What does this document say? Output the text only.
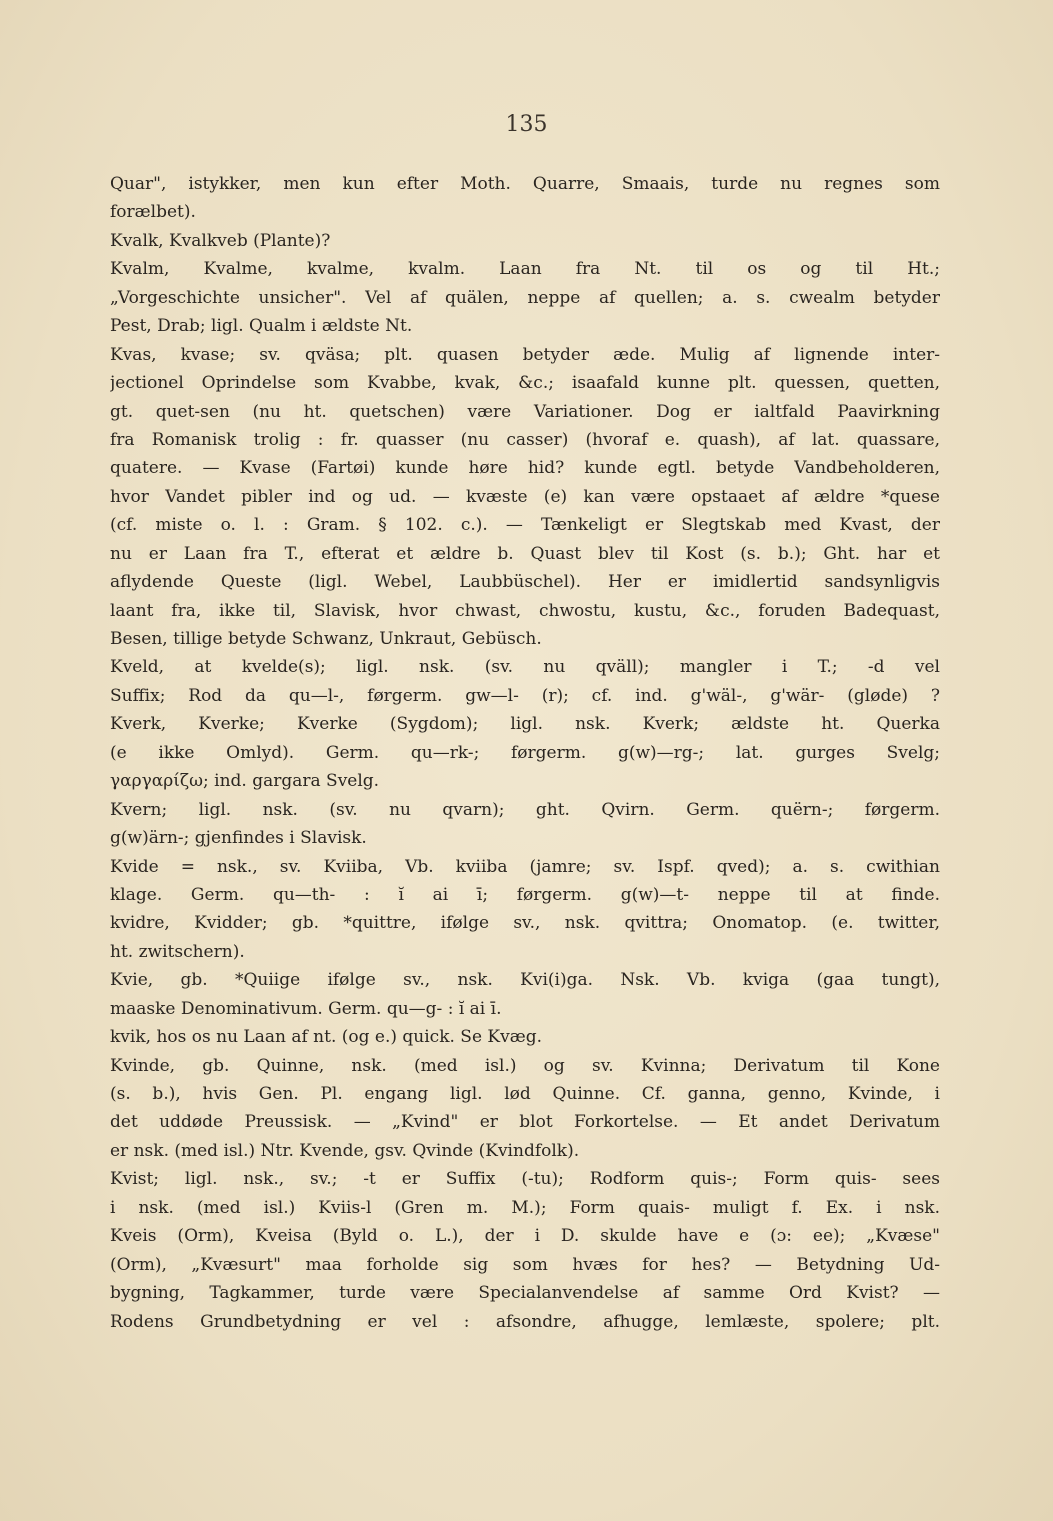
135
Quar", istykker, men kun efter Moth. Quarre, Smaais, turde nu regnes som
forælbet).
Kvalk, Kvalkveb (Plante)?
Kvalm, Kvalme, kvalme, kvalm. Laan fra Nt. til os og til Ht.;
„Vorgeschichte unsicher". Vel af quälen, neppe af quellen; a. s. cwealm betyder
Pest, Drab; ligl. Qualm i ældste Nt.
Kvas, kvase; sv. qväsa; plt. quasen betyder æde. Mulig af lignende inter-
jectionel Oprindelse som Kvabbe, kvak, &c.; isaafald kunne plt. quessen, quetten,
gt. quet-sen (nu ht. quetschen) være Variationer. Dog er ialtfald Paavirkning
fra Romanisk trolig : fr. quasser (nu casser) (hvoraf e. quash), af lat. quassare,
quatere. — Kvase (Fartøi) kunde høre hid? kunde egtl. betyde Vandbeholderen,
hvor Vandet pibler ind og ud. — kvæste (e) kan være opstaaet af ældre *quese
(cf. miste o. l. : Gram. § 102. c.). — Tænkeligt er Slegtskab med Kvast, der
nu er Laan fra T., efterat et ældre b. Quast blev til Kost (s. b.); Ght. har et
aflydende Queste (ligl. Webel, Laubbüschel). Her er imidlertid sandsynligvis
laant fra, ikke til, Slavisk, hvor chwast, chwostu, kustu, &c., foruden Badequast,
Besen, tillige betyde Schwanz, Unkraut, Gebüsch.
Kveld, at kvelde(s); ligl. nsk. (sv. nu qväll); mangler i T.; -d vel
Suffix; Rod da qu—l-, førgerm. gw—l- (r); cf. ind. g'wäl-, g'wär- (gløde) ?
Kverk, Kverke; Kverke (Sygdom); ligl. nsk. Kverk; ældste ht. Querka
(e ikke Omlyd). Germ. qu—rk-; førgerm. g(w)—rg-; lat. gurges Svelg;
γαργαρίζω; ind. gargara Svelg.
Kvern; ligl. nsk. (sv. nu qvarn); ght. Qvirn. Germ. quërn-; førgerm.
g(w)ärn-; gjenfindes i Slavisk.
Kvide = nsk., sv. Kviiba, Vb. kviiba (jamre; sv. Ispf. qved); a. s. cwithian
klage. Germ. qu—th- : ĭ ai ī; førgerm. g(w)—t- neppe til at finde.
kvidre, Kvidder; gb. *quittre, ifølge sv., nsk. qvittra; Onomatop. (e. twitter,
ht. zwitschern).
Kvie, gb. *Quiige ifølge sv., nsk. Kvi(i)ga. Nsk. Vb. kviga (gaa tungt),
maaske Denominativum. Germ. qu—g- : ĭ ai ī.
kvik, hos os nu Laan af nt. (og e.) quick. Se Kvæg.
Kvinde, gb. Quinne, nsk. (med isl.) og sv. Kvinna; Derivatum til Kone
(s. b.), hvis Gen. Pl. engang ligl. lød Quinne. Cf. ganna, genno, Kvinde, i
det uddøde Preussisk. — „Kvind" er blot Forkortelse. — Et andet Derivatum
er nsk. (med isl.) Ntr. Kvende, gsv. Qvinde (Kvindfolk).
Kvist; ligl. nsk., sv.; -t er Suffix (-tu); Rodform quis-; Form quis- sees
i nsk. (med isl.) Kviis-l (Gren m. M.); Form quais- muligt f. Ex. i nsk.
Kveis (Orm), Kveisa (Byld o. L.), der i D. skulde have e (ɔ: ee); „Kvæse"
(Orm), „Kvæsurt" maa forholde sig som hvæs for hes? — Betydning Ud-
bygning, Tagkammer, turde være Specialanvendelse af samme Ord Kvist? —
Rodens Grundbetydning er vel : afsondre, afhugge, lemlæste, spolere; plt.
